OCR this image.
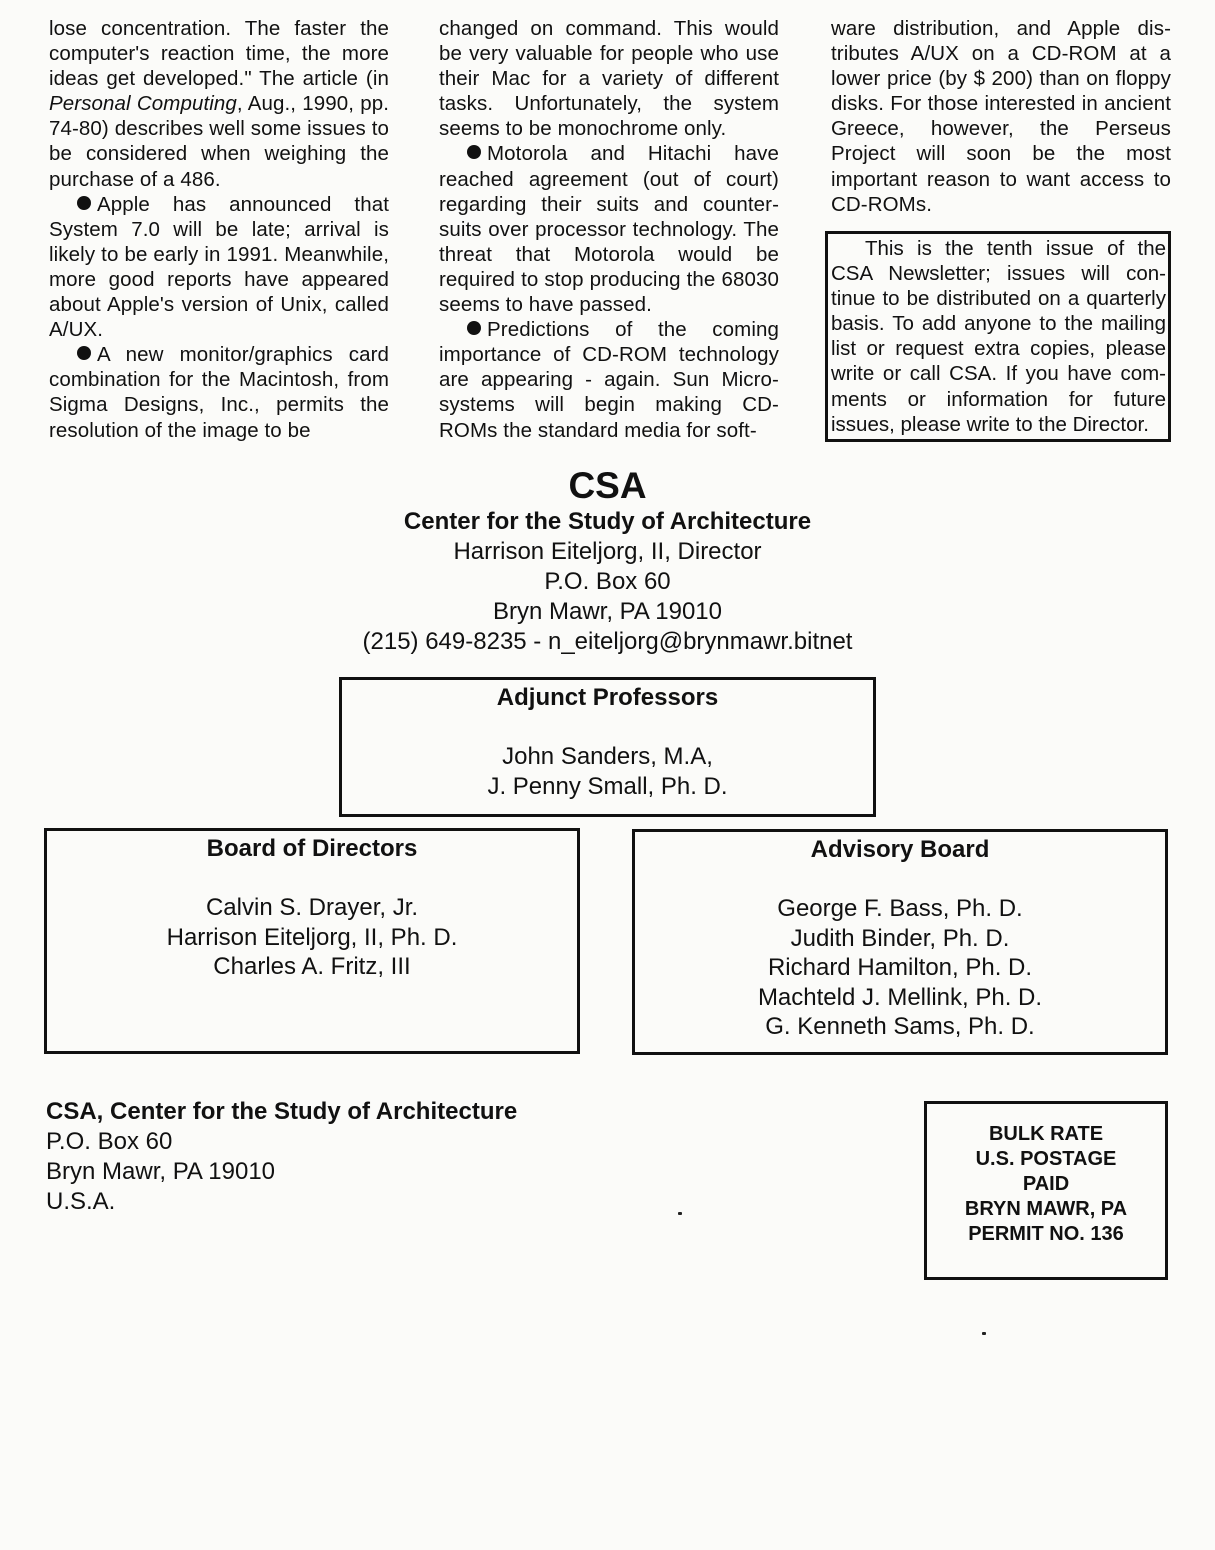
lose concentration. The faster the computer's reaction time, the more ideas get developed." The article (in Personal Computing, Aug., 1990, pp. 74-80) describes well some issues to be considered when weighing the purchase of a 486.

Apple has announced that System 7.0 will be late; arrival is likely to be early in 1991. Meanwhile, more good reports have appeared about Apple's version of Unix, called A/UX.

A new monitor/graphics card combination for the Macintosh, from Sigma Designs, Inc., permits the resolution of the image to be

changed on command. This would be very valuable for people who use their Mac for a variety of different tasks. Unfortunately, the system seems to be monochrome only.

Motorola and Hitachi have reached agreement (out of court) regarding their suits and counter-suits over processor technology. The threat that Motorola would be required to stop producing the 68030 seems to have passed.

Predictions of the coming importance of CD-ROM technology are appearing - again. Sun Micro-systems will begin making CD-ROMs the standard media for soft-

ware distribution, and Apple dis-tributes A/UX on a CD-ROM at a lower price (by $ 200) than on floppy disks. For those interested in ancient Greece, however, the Perseus Project will soon be the most important reason to want access to CD-ROMs.

This is the tenth issue of the CSA Newsletter; issues will con-tinue to be distributed on a quarterly basis. To add anyone to the mailing list or request extra copies, please write or call CSA. If you have com-ments or information for future issues, please write to the Director.

CSA
Center for the Study of Architecture
Harrison Eiteljorg, II, Director
P.O. Box 60
Bryn Mawr, PA 19010
(215) 649-8235 - n_eiteljorg@brynmawr.bitnet
Adjunct Professors
John Sanders, M.A,
J. Penny Small, Ph. D.
Board of Directors
Calvin S. Drayer, Jr.
Harrison Eiteljorg, II, Ph. D.
Charles A. Fritz, III
Advisory Board
George F. Bass, Ph. D.
Judith Binder, Ph. D.
Richard Hamilton, Ph. D.
Machteld J. Mellink, Ph. D.
G. Kenneth Sams, Ph. D.
CSA, Center for the Study of Architecture
P.O. Box 60
Bryn Mawr, PA 19010
U.S.A.
BULK RATE
U.S. POSTAGE
PAID
BRYN MAWR, PA
PERMIT NO. 136
